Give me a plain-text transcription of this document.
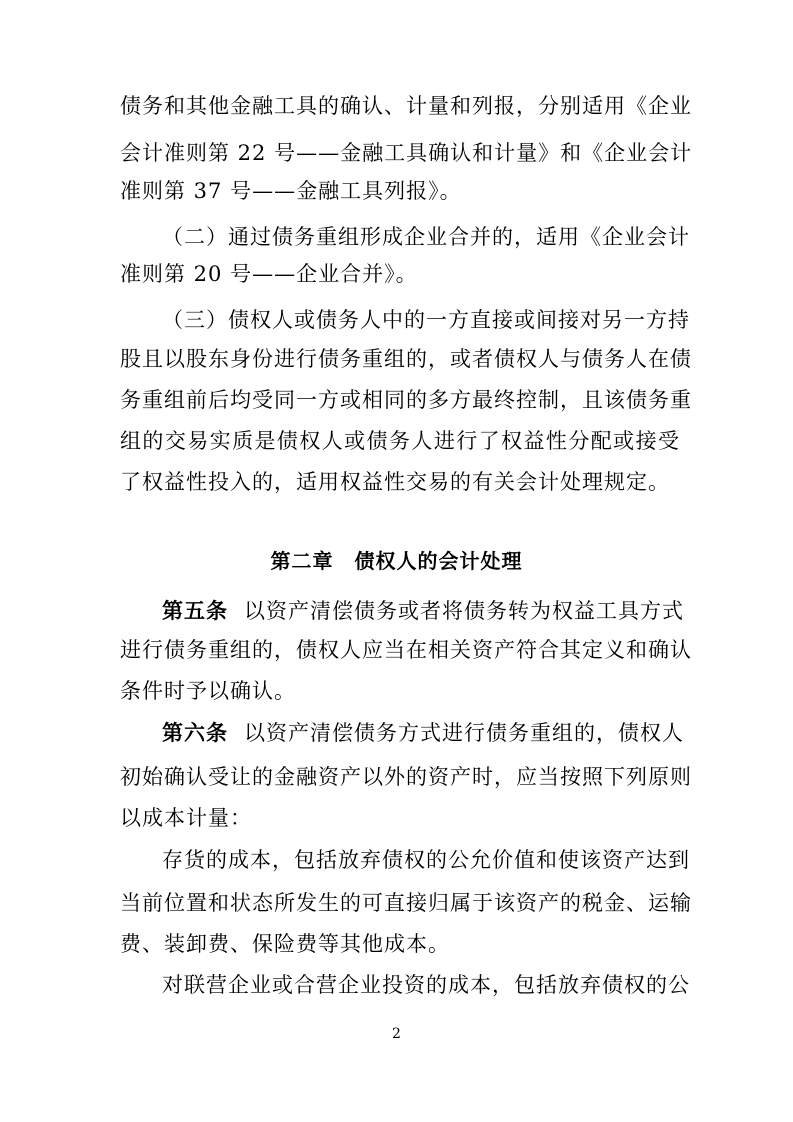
债务和其他金融工具的确认、计量和列报，分别适用《企业
会计准则第 22 号——金融工具确认和计量》和《企业会计
准则第 37 号——金融工具列报》。
（二）通过债务重组形成企业合并的，适用《企业会计
准则第 20 号——企业合并》。
（三）债权人或债务人中的一方直接或间接对另一方持
股且以股东身份进行债务重组的，或者债权人与债务人在债
务重组前后均受同一方或相同的多方最终控制，且该债务重
组的交易实质是债权人或债务人进行了权益性分配或接受
了权益性投入的，适用权益性交易的有关会计处理规定。
第二章　债权人的会计处理
第五条 以资产清偿债务或者将债务转为权益工具方式
进行债务重组的，债权人应当在相关资产符合其定义和确认
条件时予以确认。
第六条 以资产清偿债务方式进行债务重组的，债权人
初始确认受让的金融资产以外的资产时，应当按照下列原则
以成本计量：
存货的成本，包括放弃债权的公允价值和使该资产达到
当前位置和状态所发生的可直接归属于该资产的税金、运输
费、装卸费、保险费等其他成本。
对联营企业或合营企业投资的成本，包括放弃债权的公
2
